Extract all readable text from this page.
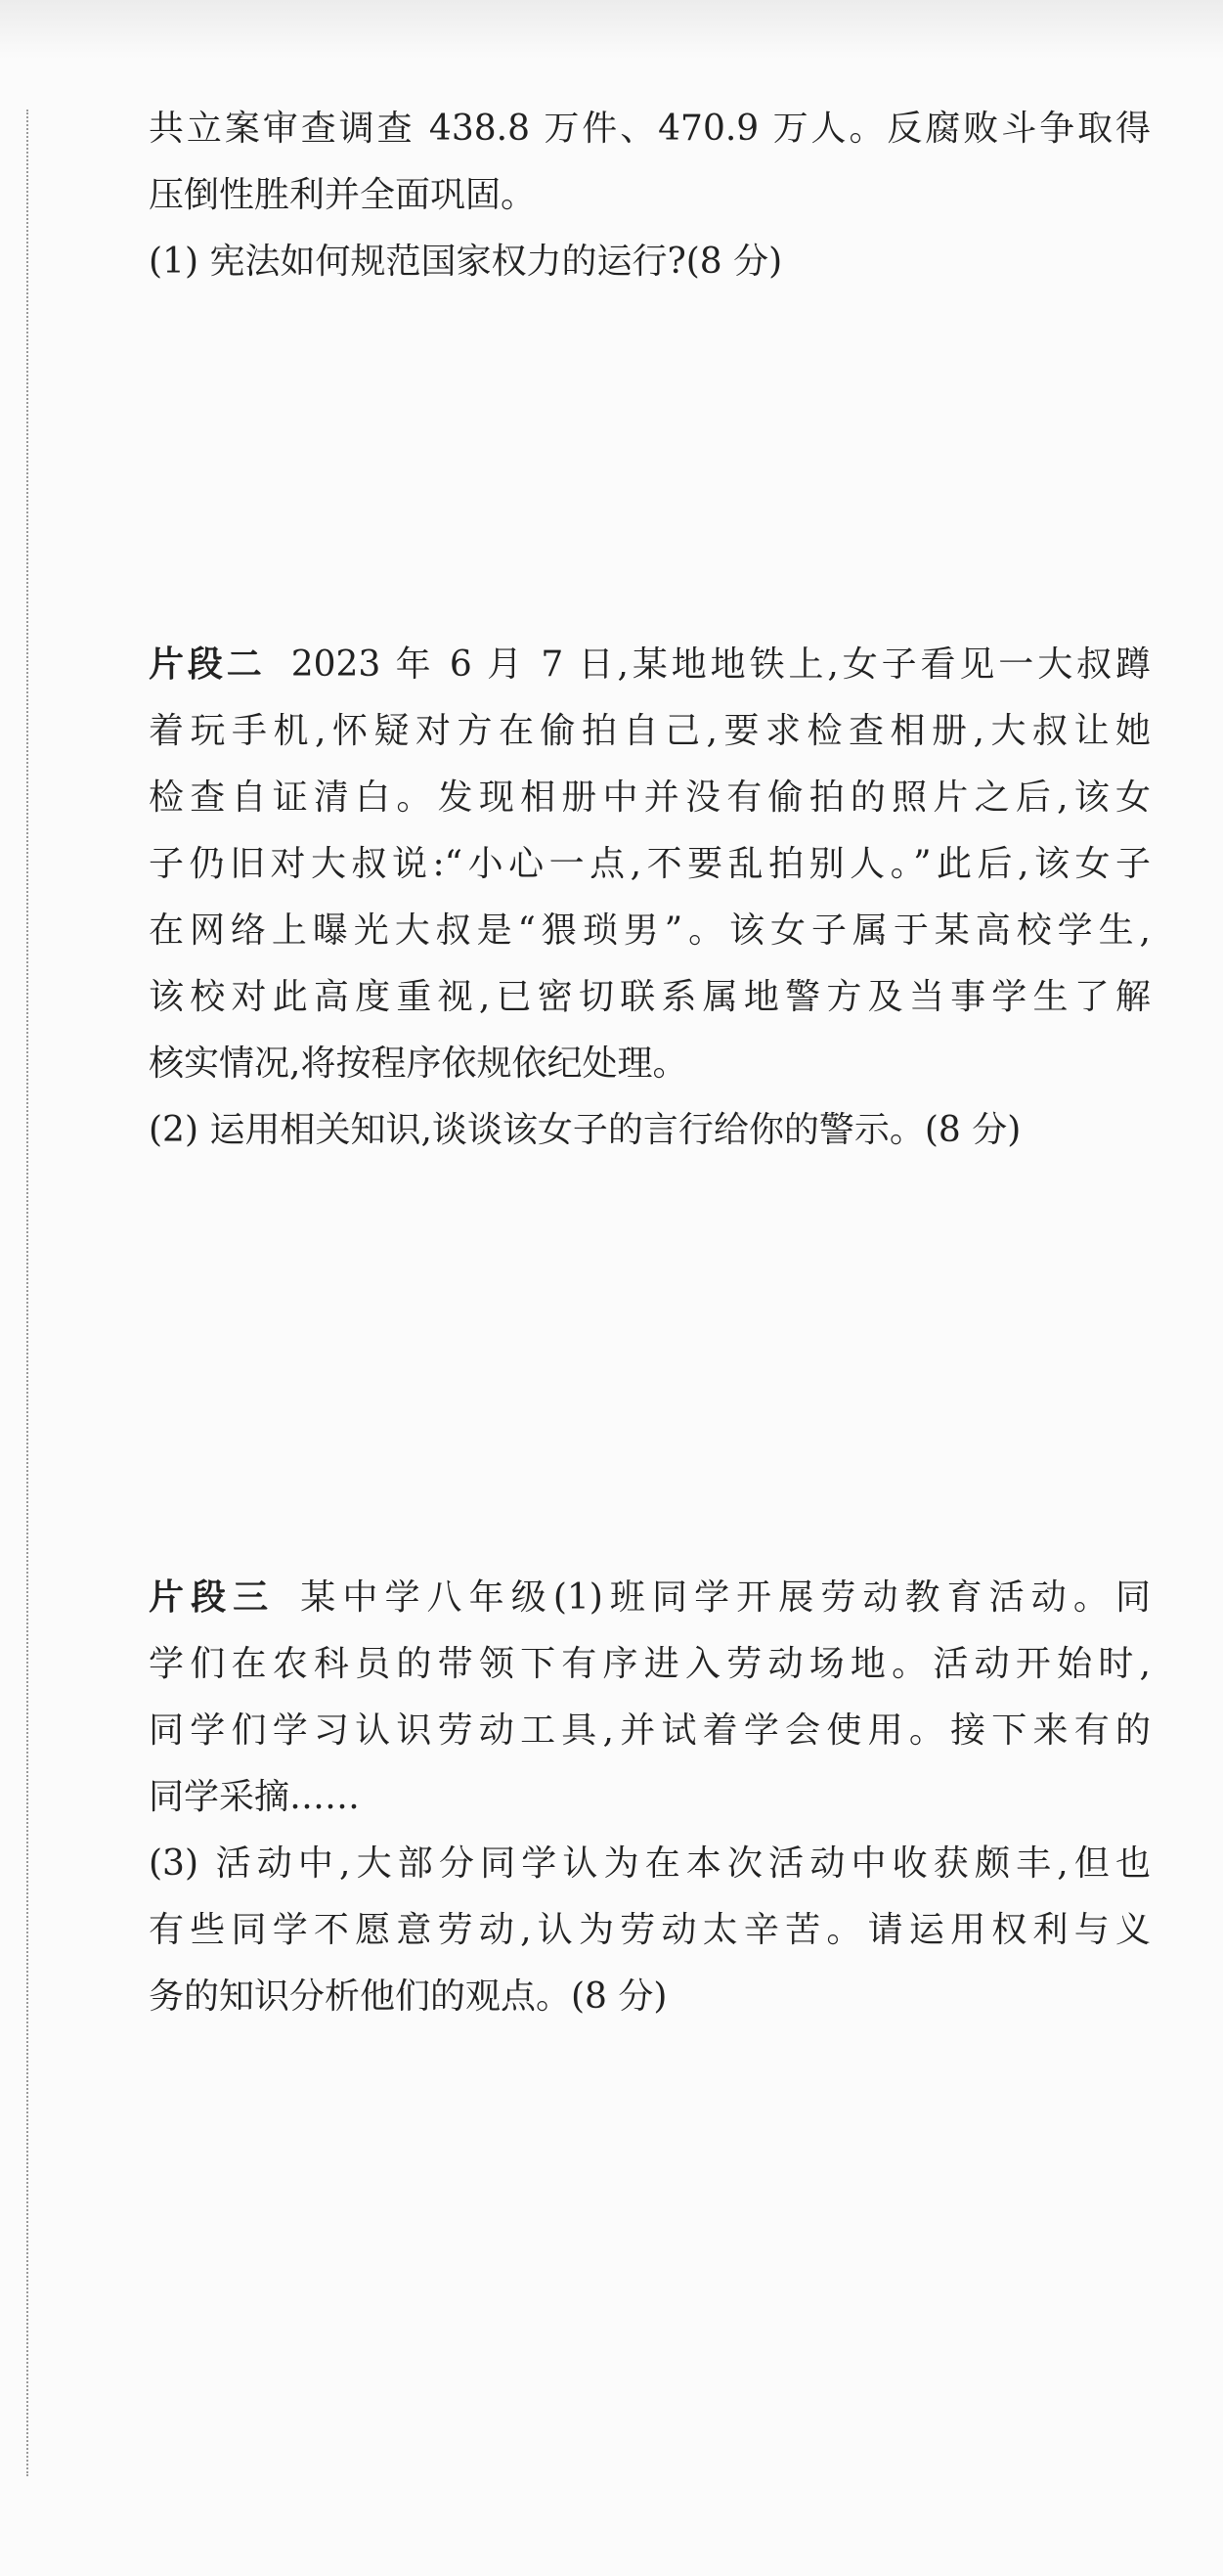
共立案审查调查 438.8 万件、470.9 万人。反腐败斗争取得
压倒性胜利并全面巩固。
(1) 宪法如何规范国家权力的运行?(8 分)
片段二 2023 年 6 月 7 日,某地地铁上,女子看见一大叔蹲
着玩手机,怀疑对方在偷拍自己,要求检查相册,大叔让她
检查自证清白。发现相册中并没有偷拍的照片之后,该女
子仍旧对大叔说:“小心一点,不要乱拍别人。”此后,该女子
在网络上曝光大叔是“猥琐男”。该女子属于某高校学生,
该校对此高度重视,已密切联系属地警方及当事学生了解
核实情况,将按程序依规依纪处理。
(2) 运用相关知识,谈谈该女子的言行给你的警示。(8 分)
片段三 某中学八年级(1)班同学开展劳动教育活动。同
学们在农科员的带领下有序进入劳动场地。活动开始时,
同学们学习认识劳动工具,并试着学会使用。接下来有的
同学采摘……
(3) 活动中,大部分同学认为在本次活动中收获颇丰,但也
有些同学不愿意劳动,认为劳动太辛苦。请运用权利与义
务的知识分析他们的观点。(8 分)
